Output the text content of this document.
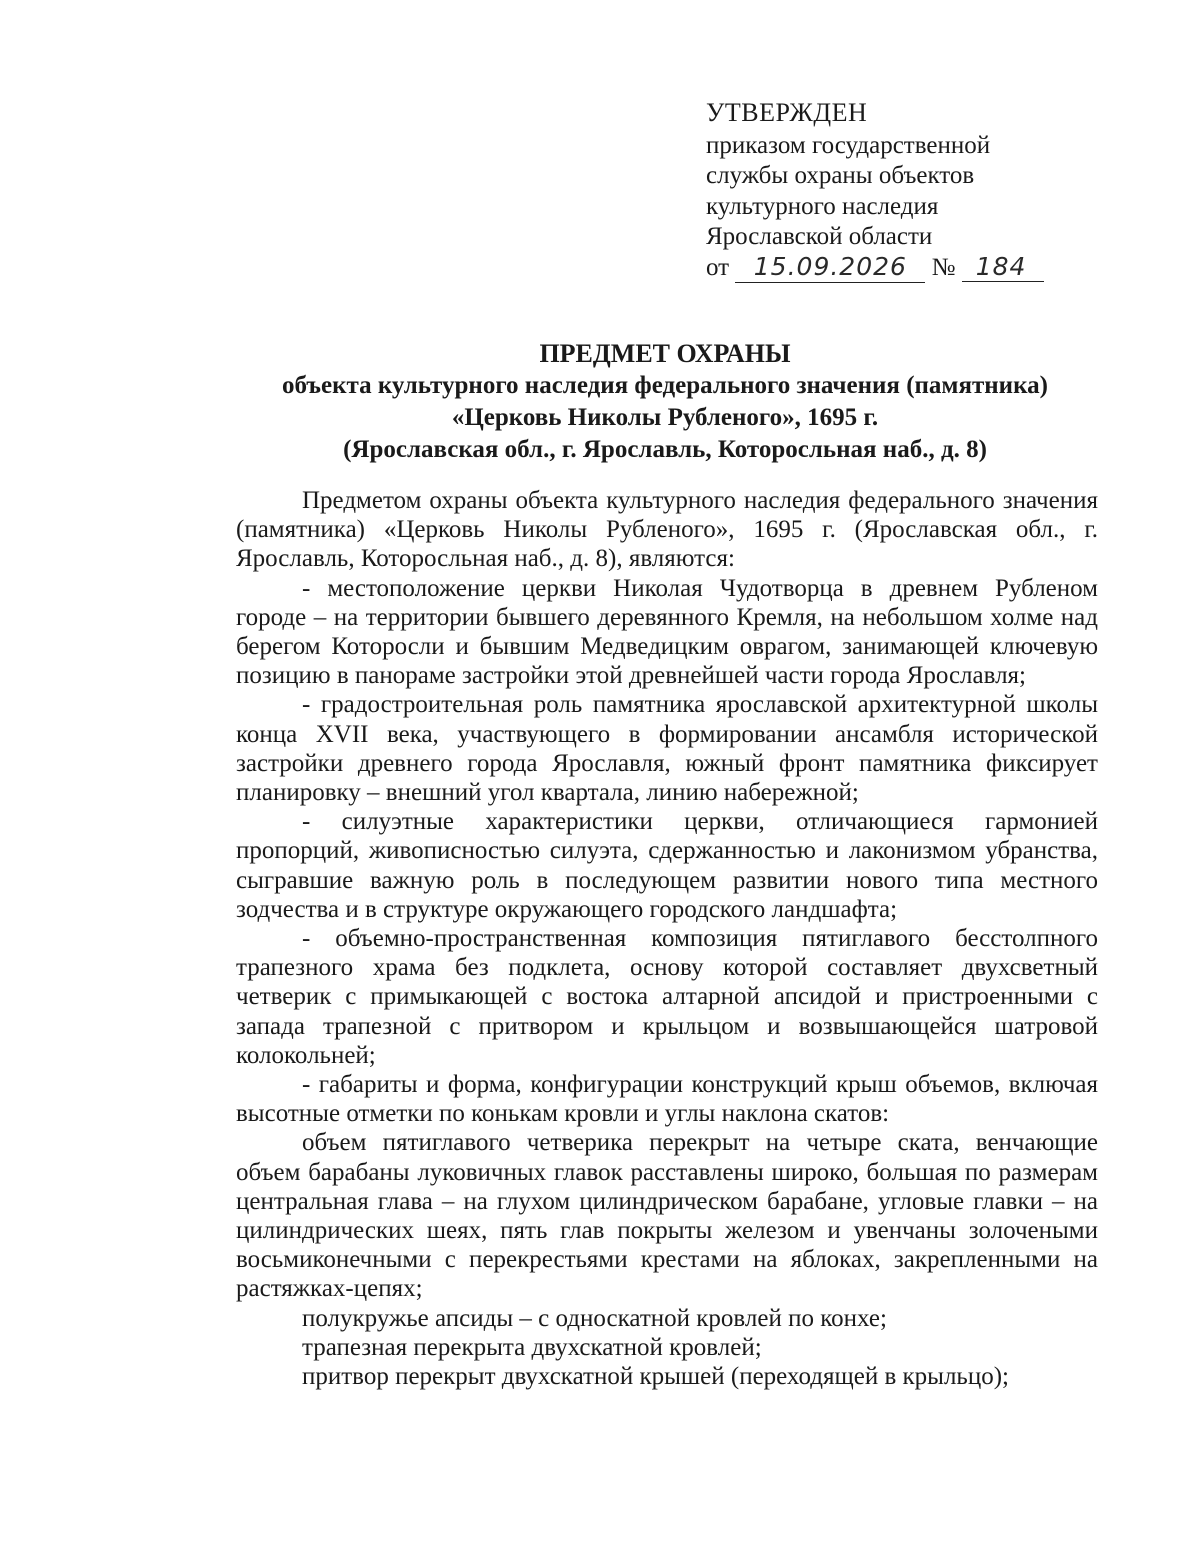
УТВЕРЖДЕН
приказом государственной
службы охраны объектов
культурного наследия
Ярославской области
от 15.09.2026 № 184
ПРЕДМЕТ ОХРАНЫ
объекта культурного наследия федерального значения (памятника)
«Церковь Николы Рубленого», 1695 г.
(Ярославская обл., г. Ярославль, Которосльная наб., д. 8)

Предметом охраны объекта культурного наследия федерального значения (памятника) «Церковь Николы Рубленого», 1695 г. (Ярославская обл., г. Ярославль, Которосльная наб., д. 8), являются:

- местоположение церкви Николая Чудотворца в древнем Рубленом городе – на территории бывшего деревянного Кремля, на небольшом холме над берегом Которосли и бывшим Медведицким оврагом, занимающей ключевую позицию в панораме застройки этой древнейшей части города Ярославля;

- градостроительная роль памятника ярославской архитектурной школы конца XVII века, участвующего в формировании ансамбля исторической застройки древнего города Ярославля, южный фронт памятника фиксирует планировку – внешний угол квартала, линию набережной;

- силуэтные характеристики церкви, отличающиеся гармонией пропорций, живописностью силуэта, сдержанностью и лаконизмом убранства, сыгравшие важную роль в последующем развитии нового типа местного зодчества и в структуре окружающего городского ландшафта;

- объемно-пространственная композиция пятиглавого бесстолпного трапезного храма без подклета, основу которой составляет двухсветный четверик с примыкающей с востока алтарной апсидой и пристроенными с запада трапезной с притвором и крыльцом и возвышающейся шатровой колокольней;

- габариты и форма, конфигурации конструкций крыш объемов, включая высотные отметки по конькам кровли и углы наклона скатов:

объем пятиглавого четверика перекрыт на четыре ската, венчающие объем барабаны луковичных главок расставлены широко, большая по размерам центральная глава – на глухом цилиндрическом барабане, угловые главки – на цилиндрических шеях, пять глав покрыты железом и увенчаны золочеными восьмиконечными с перекрестьями крестами на яблоках, закрепленными на растяжках-цепях;

полукружье апсиды – с односкатной кровлей по конхе;

трапезная перекрыта двухскатной кровлей;

притвор перекрыт двухскатной крышей (переходящей в крыльцо);
